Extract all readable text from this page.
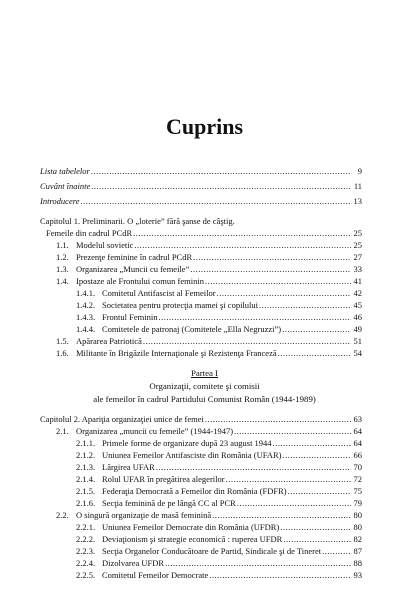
Cuprins
Lista tabelelor .....	9
Cuvânt înainte .....	11
Introducere .....	13
Capitolul 1. Preliminarii. O „loterie” fără şanse de câştig.
Femeile din cadrul PCdR .....	25
1.1. Modelul sovietic .....	25
1.2. Prezenţe feminine în cadrul PCdR .....	27
1.3. Organizarea „Muncii cu femeile” .....	33
1.4. Ipostaze ale Frontului comun feminin .....	41
1.4.1. Comitetul Antifascist al Femeilor .....	42
1.4.2. Societatea pentru protecţia mamei şi copilului .....	45
1.4.3. Frontul Feminin .....	46
1.4.4. Comitetele de patronaj (Comitetele „Ella Negruzzi”) .....	49
1.5. Apărarea Patriotică .....	51
1.6. Militante în Brigăzile Internaţionale şi Rezistenţa Franceză .....	54
Partea I
Organizaţii, comitete şi comisii
ale femeilor în cadrul Partidului Comunist Român (1944-1989)
Capitolul 2. Apariţia organizaţiei unice de femei .....	63
2.1. Organizarea „muncii cu femeile” (1944-1947) .....	64
2.1.1. Primele forme de organizare după 23 august 1944 .....	64
2.1.2. Uniunea Femeilor Antifasciste din România (UFAR) .....	66
2.1.3. Lărgirea UFAR .....	70
2.1.4. Rolul UFAR în pregătirea alegerilor .....	72
2.1.5. Federaţia Democrată a Femeilor din România (FDFR) .....	75
2.1.6. Secţia feminină de pe lângă CC al PCR .....	79
2.2. O singură organizaţie de masă feminină .....	80
2.2.1. Uniunea Femeilor Democrate din România (UFDR) .....	80
2.2.2. Deviaţionism şi strategie economică : ruperea UFDR .....	82
2.2.3. Secţia Organelor Conducătoare de Partid, Sindicale şi de Tineret .....	87
2.2.4. Dizolvarea UFDR .....	88
2.2.5. Comitetul Femeilor Democrate .....	93
